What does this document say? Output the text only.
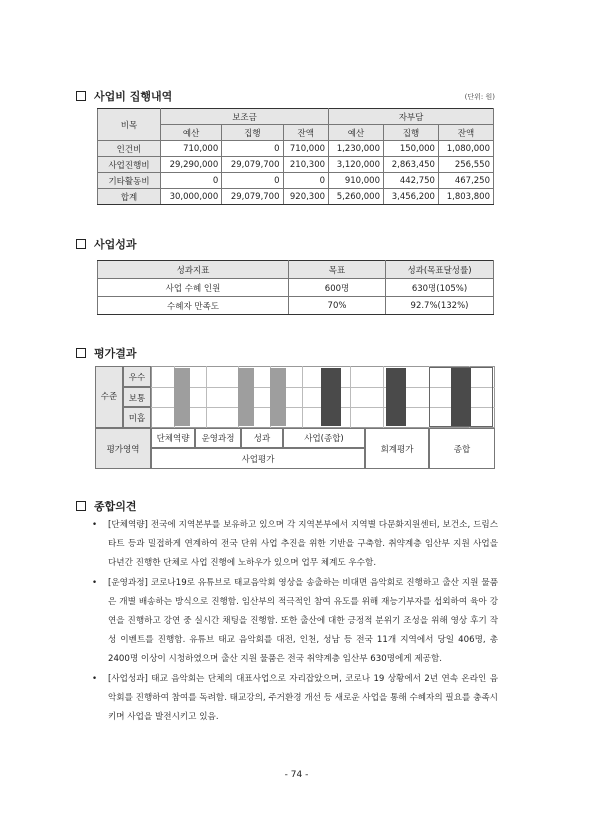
사업비 집행내역	(단위: 원)
비목	보조금			자부담		
	예산	집행	잔액	예산	집행	잔액
인건비	710,000	0	710,000	1,230,000	150,000	1,080,000
사업진행비	29,290,000	29,079,700	210,300	3,120,000	2,863,450	256,550
기타활동비	0	0	0	910,000	442,750	467,250
합계	30,000,000	29,079,700	920,300	5,260,000	3,456,200	1,803,800
사업성과
성과지표	목표	성과(목표달성률)
사업 수혜 인원	600명	630명(105%)
수혜자 만족도	70%	92.7%(132%)
평가결과
수준
우수
보통
미흡
평가영역
단체역량	운영과정	성과	사업(종합)
사업평가
회계평가	종합
종합의견
• [단체역량] 전국에 지역본부를 보유하고 있으며 각 지역본부에서 지역별 다문화지원센터, 보건소, 드림스타트 등과 밀접하게 연계하여 전국 단위 사업 추진을 위한 기반을 구축함. 취약계층 임산부 지원 사업을 다년간 진행한 단체로 사업 진행에 노하우가 있으며 업무 체계도 우수함.
• [운영과정] 코로나19로 유튜브로 태교음악회 영상을 송출하는 비대면 음악회로 진행하고 출산 지원 물품은 개별 배송하는 방식으로 진행함. 임산부의 적극적인 참여 유도를 위해 재능기부자를 섭외하여 육아 강연을 진행하고 강연 중 실시간 채팅을 진행함. 또한 출산에 대한 긍정적 분위기 조성을 위해 영상 후기 작성 이벤트를 진행함. 유튜브 태교 음악회를 대전, 인천, 성남 등 전국 11개 지역에서 당일 406명, 총 2400명 이상이 시청하였으며 출산 지원 물품은 전국 취약계층 임산부 630명에게 제공함.
• [사업성과] 태교 음악회는 단체의 대표사업으로 자리잡았으며, 코로나 19 상황에서 2년 연속 온라인 음악회를 진행하여 참여를 독려함. 태교강의, 주거환경 개선 등 새로운 사업을 통해 수혜자의 필요를 충족시키며 사업을 발전시키고 있음.
- 74 -
